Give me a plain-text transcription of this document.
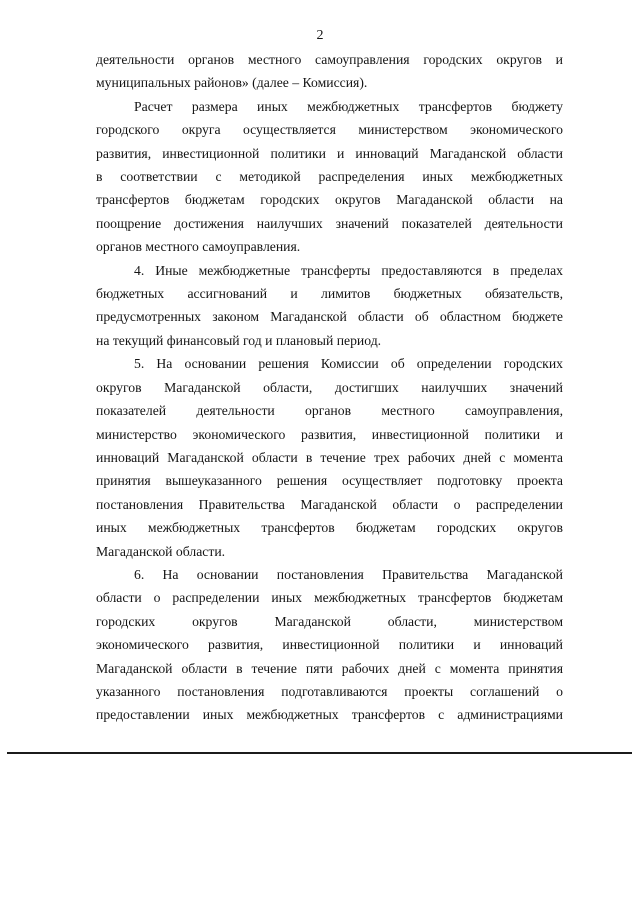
2

деятельности органов местного самоуправления городских округов и
муниципальных районов» (далее – Комиссия).

Расчет размера иных межбюджетных трансфертов бюджету
городского округа осуществляется министерством экономического
развития, инвестиционной политики и инноваций Магаданской области
в соответствии с методикой распределения иных межбюджетных
трансфертов бюджетам городских округов Магаданской области на
поощрение достижения наилучших значений показателей деятельности
органов местного самоуправления.

4. Иные межбюджетные трансферты предоставляются в пределах
бюджетных ассигнований и лимитов бюджетных обязательств,
предусмотренных законом Магаданской области об областном бюджете
на текущий финансовый год и плановый период.

5. На основании решения Комиссии об определении городских
округов Магаданской области, достигших наилучших значений
показателей деятельности органов местного самоуправления,
министерство экономического развития, инвестиционной политики и
инноваций Магаданской области в течение трех рабочих дней с момента
принятия вышеуказанного решения осуществляет подготовку проекта
постановления Правительства Магаданской области о распределении
иных межбюджетных трансфертов бюджетам городских округов
Магаданской области.

6. На основании постановления Правительства Магаданской
области о распределении иных межбюджетных трансфертов бюджетам
городских округов Магаданской области, министерством
экономического развития, инвестиционной политики и инноваций
Магаданской области в течение пяти рабочих дней с момента принятия
указанного постановления подготавливаются проекты соглашений о
предоставлении иных межбюджетных трансфертов с администрациями
